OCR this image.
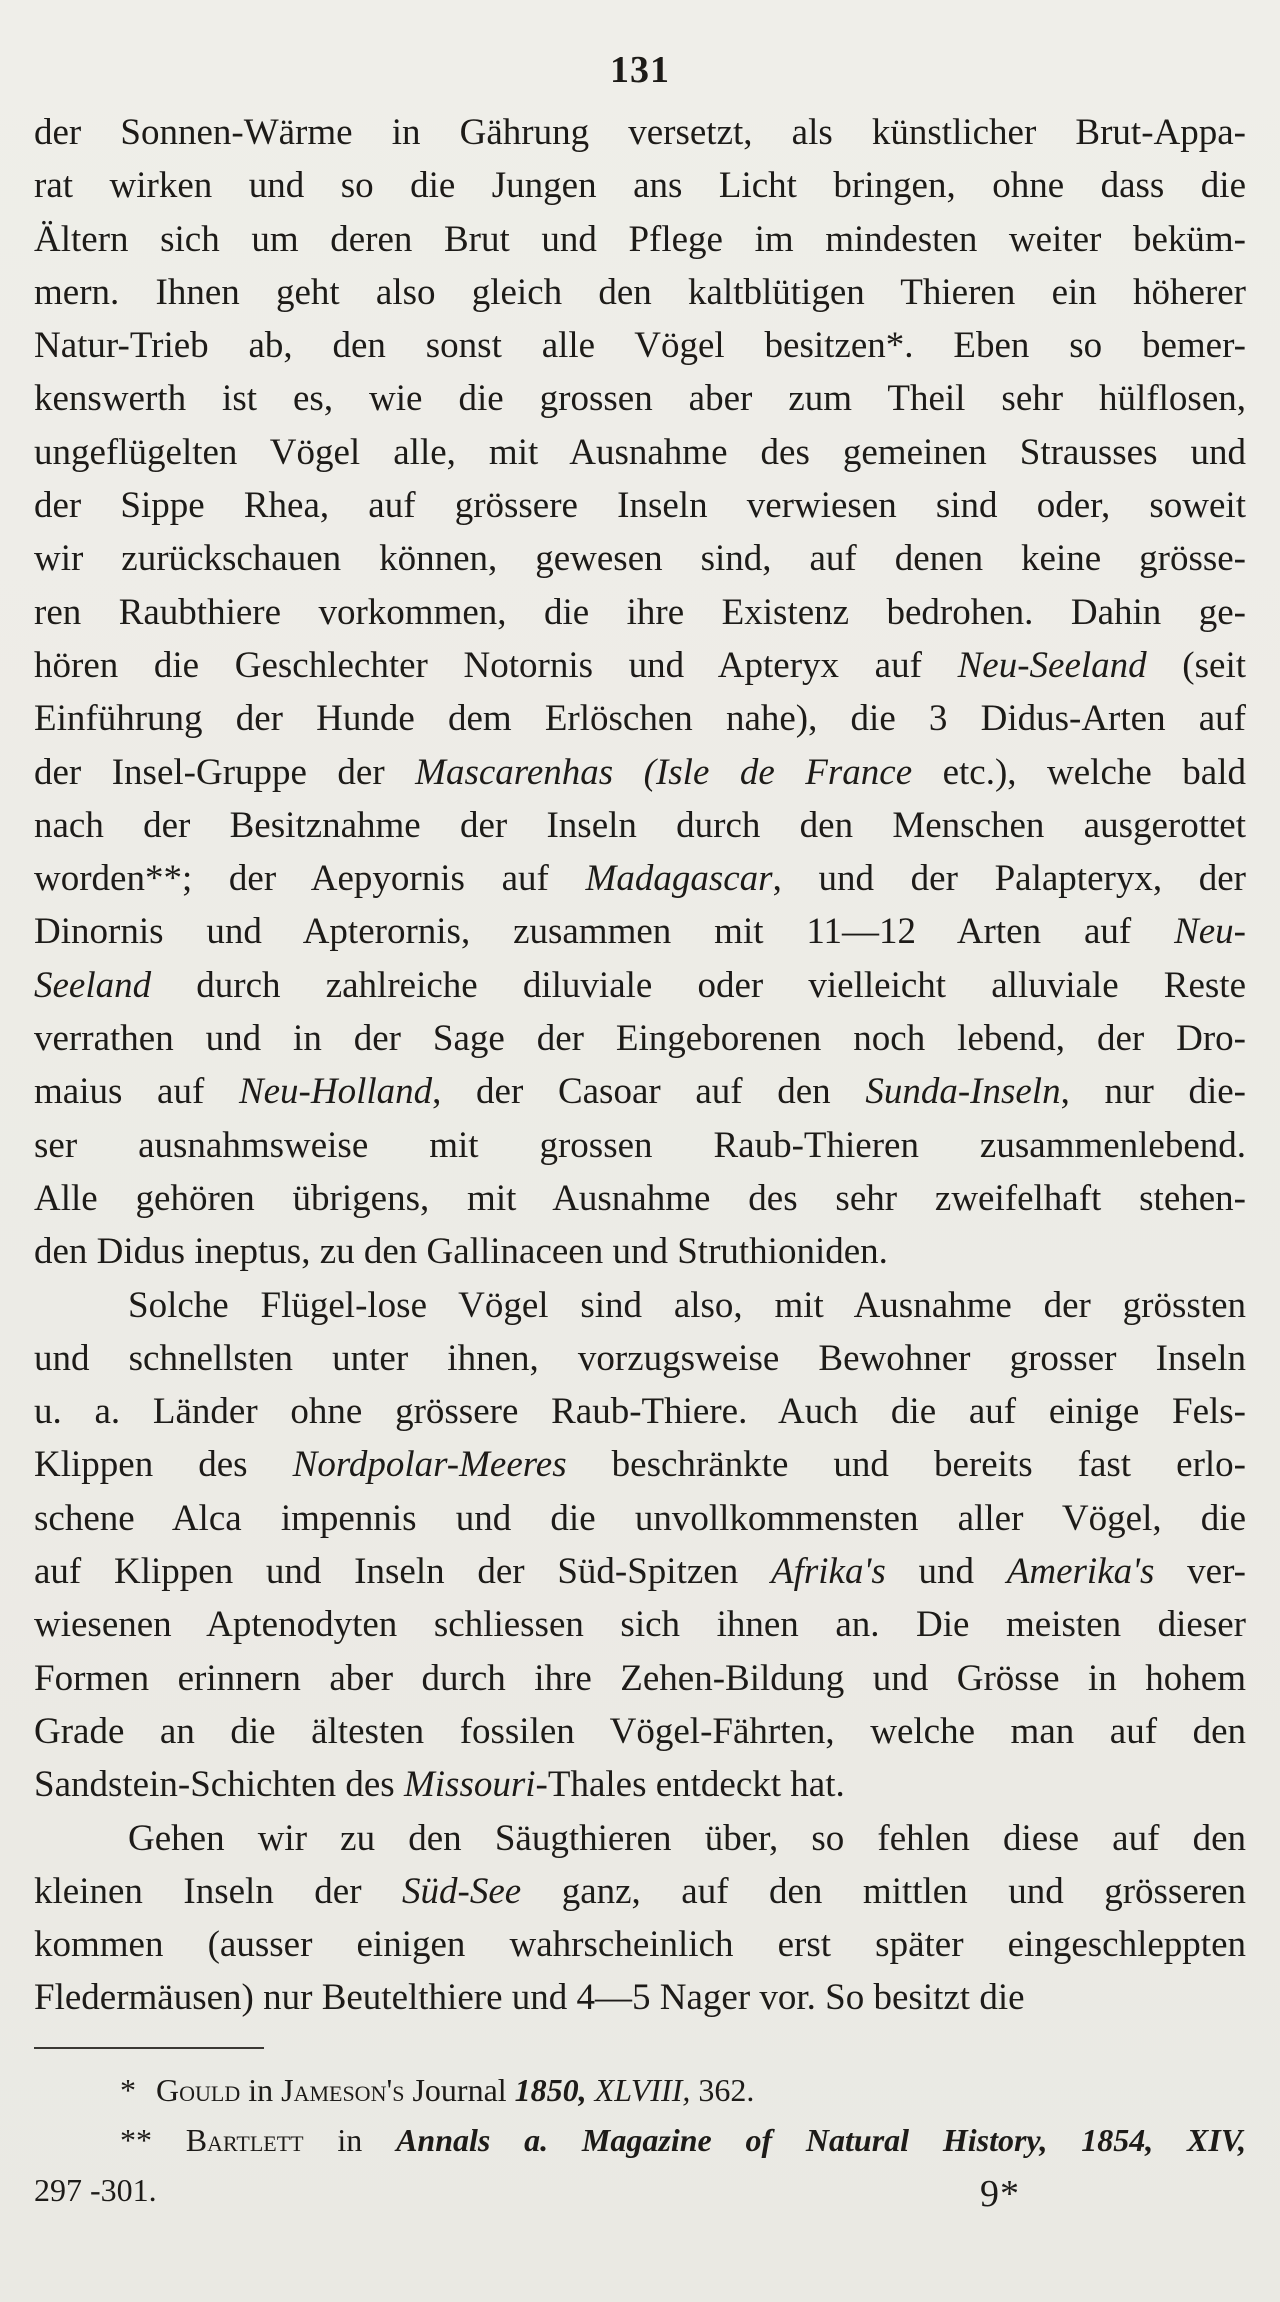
131
der Sonnen-Wärme in Gährung versetzt, als künstlicher Brut-Appa-
rat wirken und so die Jungen ans Licht bringen, ohne dass die
Ältern sich um deren Brut und Pflege im mindesten weiter beküm-
mern. Ihnen geht also gleich den kaltblütigen Thieren ein höherer
Natur-Trieb ab, den sonst alle Vögel besitzen*. Eben so bemer-
kenswerth ist es, wie die grossen aber zum Theil sehr hülflosen,
ungeflügelten Vögel alle, mit Ausnahme des gemeinen Strausses und
der Sippe Rhea, auf grössere Inseln verwiesen sind oder, soweit
wir zurückschauen können, gewesen sind, auf denen keine grösse-
ren Raubthiere vorkommen, die ihre Existenz bedrohen. Dahin ge-
hören die Geschlechter Notornis und Apteryx auf Neu-Seeland (seit
Einführung der Hunde dem Erlöschen nahe), die 3 Didus-Arten auf
der Insel-Gruppe der Mascarenhas (Isle de France etc.), welche bald
nach der Besitznahme der Inseln durch den Menschen ausgerottet
worden**; der Aepyornis auf Madagascar, und der Palapteryx, der
Dinornis und Apterornis, zusammen mit 11—12 Arten auf Neu-
Seeland durch zahlreiche diluviale oder vielleicht alluviale Reste
verrathen und in der Sage der Eingeborenen noch lebend, der Dro-
maius auf Neu-Holland, der Casoar auf den Sunda-Inseln, nur die-
ser ausnahmsweise mit grossen Raub-Thieren zusammenlebend.
Alle gehören übrigens, mit Ausnahme des sehr zweifelhaft stehen-
den Didus ineptus, zu den Gallinaceen und Struthioniden.
Solche Flügel-lose Vögel sind also, mit Ausnahme der grössten
und schnellsten unter ihnen, vorzugsweise Bewohner grosser Inseln
u. a. Länder ohne grössere Raub-Thiere. Auch die auf einige Fels-
Klippen des Nordpolar-Meeres beschränkte und bereits fast erlo-
schene Alca impennis und die unvollkommensten aller Vögel, die
auf Klippen und Inseln der Süd-Spitzen Afrika's und Amerika's ver-
wiesenen Aptenodyten schliessen sich ihnen an. Die meisten dieser
Formen erinnern aber durch ihre Zehen-Bildung und Grösse in hohem
Grade an die ältesten fossilen Vögel-Fährten, welche man auf den
Sandstein-Schichten des Missouri-Thales entdeckt hat.
Gehen wir zu den Säugthieren über, so fehlen diese auf den
kleinen Inseln der Süd-See ganz, auf den mittlen und grösseren
kommen (ausser einigen wahrscheinlich erst später eingeschleppten
Fledermäusen) nur Beutelthiere und 4—5 Nager vor. So besitzt die
* Gould in Jameson's Journal 1850, XLVIII, 362.
** Bartlett in Annals a. Magazine of Natural History, 1854, XIV,
297 -301.	9*
